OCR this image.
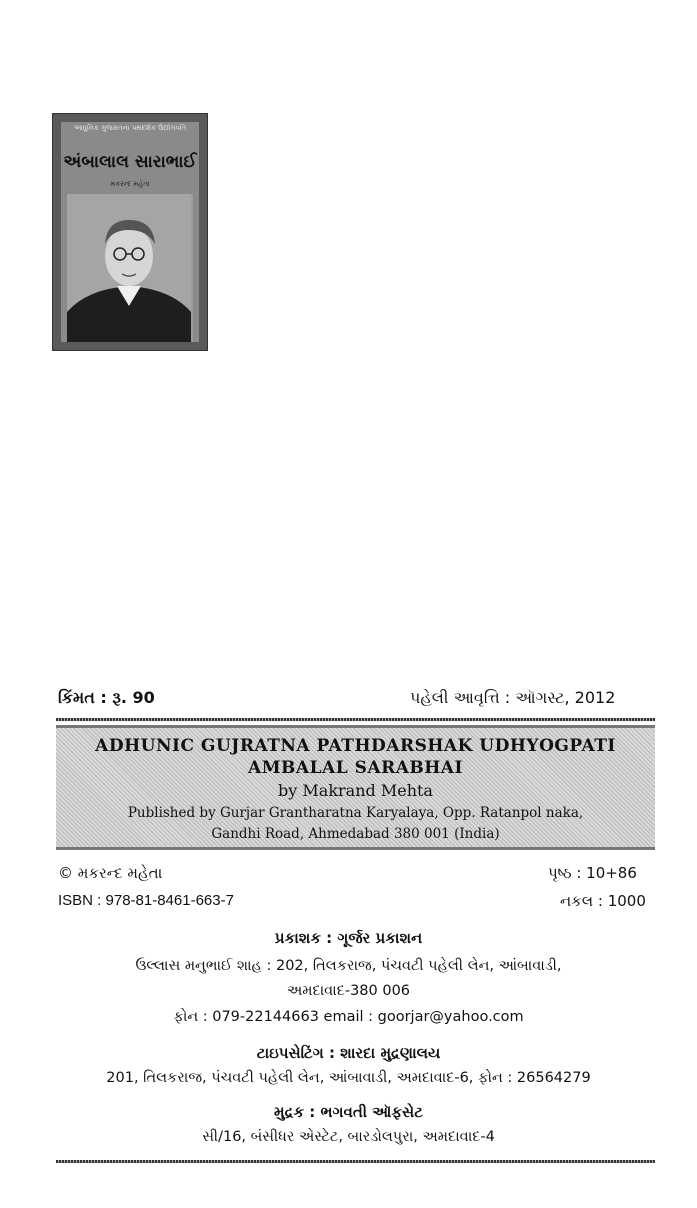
આધુનિક ગુજરાતના પથદર્શક ઉદ્યોગપતિ
અંબાલાલ સારાભાઈ
મકરન્દ મહેતા
કિંમત : રૂ. 90	પહેલી આવૃત્તિ : ઑગસ્ટ, 2012
ADHUNIC GUJRATNA PATHDARSHAK UDHYOGPATI
AMBALAL SARABHAI
by Makrand Mehta
Published by Gurjar Grantharatna Karyalaya, Opp. Ratanpol naka,
Gandhi Road, Ahmedabad 380 001 (India)
© મકરન્દ મહેતા	પૃષ્ઠ : 10+86
ISBN : 978-81-8461-663-7	નકલ : 1000
પ્રકાશક : ગૂર્જર પ્રકાશન
ઉલ્લાસ મનુભાઈ શાહ : 202, તિલકરાજ, પંચવટી પહેલી લેન, આંબાવાડી,
અમદાવાદ-380 006
ફોન : 079-22144663 email : goorjar@yahoo.com
ટાઇપસેટિંગ : શારદા મુદ્રણાલય
201, તિલકરાજ, પંચવટી પહેલી લેન, આંબાવાડી, અમદાવાદ-6, ફોન : 26564279
મુદ્રક : ભગવતી ઑફસેટ
સી/16, બંસીધર એસ્ટેટ, બારડોલપુરા, અમદાવાદ-4
